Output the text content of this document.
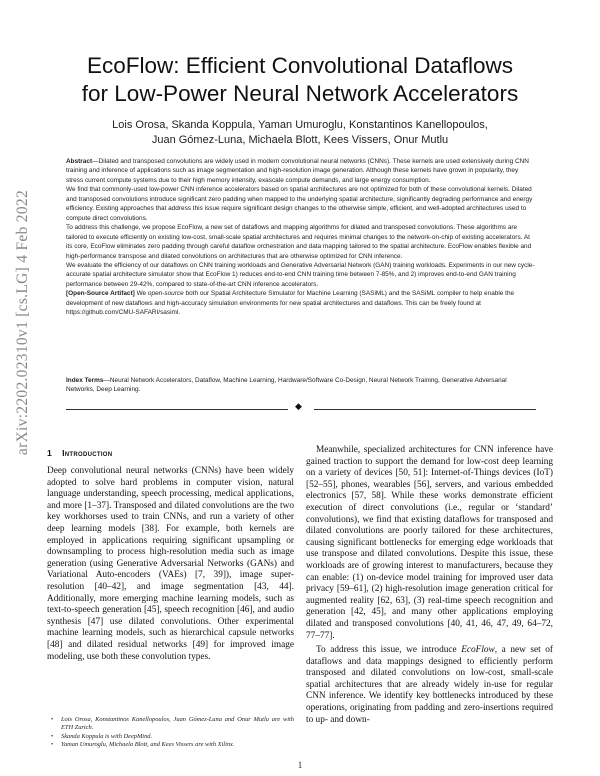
arXiv:2202.02310v1 [cs.LG] 4 Feb 2022
EcoFlow: Efficient Convolutional Dataflows
for Low-Power Neural Network Accelerators
Lois Orosa, Skanda Koppula, Yaman Umuroglu, Konstantinos Kanellopoulos,
Juan Gómez-Luna, Michaela Blott, Kees Vissers, Onur Mutlu

Abstract—Dilated and transposed convolutions are widely used in modern convolutional neural networks (CNNs). These kernels are used extensively during CNN training and inference of applications such as image segmentation and high-resolution image generation. Although these kernels have grown in popularity, they stress current compute systems due to their high memory intensity, exascale compute demands, and large energy consumption.

We find that commonly-used low-power CNN inference accelerators based on spatial architectures are not optimized for both of these convolutional kernels. Dilated and transposed convolutions introduce significant zero padding when mapped to the underlying spatial architecture, significantly degrading performance and energy efficiency. Existing approaches that address this issue require significant design changes to the otherwise simple, efficient, and well-adopted architectures used to compute direct convolutions.

To address this challenge, we propose EcoFlow, a new set of dataflows and mapping algorithms for dilated and transposed convolutions. These algorithms are tailored to execute efficiently on existing low-cost, small-scale spatial architectures and requires minimal changes to the network-on-chip of existing accelerators. At its core, EcoFlow eliminates zero padding through careful dataflow orchestration and data mapping tailored to the spatial architecture. EcoFlow enables flexible and high-performance transpose and dilated convolutions on architectures that are otherwise optimized for CNN inference.

We evaluate the efficiency of our dataflows on CNN training workloads and Generative Adversarial Network (GAN) training workloads. Experiments in our new cycle-accurate spatial architecture simulator show that EcoFlow 1) reduces end-to-end CNN training time between 7-85%, and 2) improves end-to-end GAN training performance between 29-42%, compared to state-of-the-art CNN inference accelerators.

[Open-Source Artifact] We open-source both our Spatial Architecture Simulator for Machine Learning (SASiML) and the SASiML compiler to help enable the development of new dataflows and high-accuracy simulation environments for new spatial architectures and dataflows. This can be freely found at https://github.com/CMU-SAFARI/sasiml.

Index Terms—Neural Network Accelerators, Dataflow, Machine Learning, Hardware/Software Co-Design, Neural Network Training, Generative Adversarial Networks, Deep Learning.
◆
1 Introduction

Deep convolutional neural networks (CNNs) have been widely adopted to solve hard problems in computer vision, natural language understanding, speech processing, medical applications, and more [1–37]. Transposed and dilated convolutions are the two key workhorses used to train CNNs, and run a variety of other deep learning models [38]. For example, both kernels are employed in applications requiring significant upsampling or downsampling to process high-resolution media such as image generation (using Generative Adversarial Networks (GANs) and Variational Auto-encoders (VAEs) [7, 39]), image super-resolution [40–42], and image segmentation [43, 44]. Additionally, more emerging machine learning models, such as text-to-speech generation [45], speech recognition [46], and audio synthesis [47] use dilated convolutions. Other experimental machine learning models, such as hierarchical capsule networks [48] and dilated residual networks [49] for improved image modeling, use both these convolution types.

Meanwhile, specialized architectures for CNN inference have gained traction to support the demand for low-cost deep learning on a variety of devices [50, 51]: Internet-of-Things devices (IoT) [52–55], phones, wearables [56], servers, and various embedded electronics [57, 58]. While these works demonstrate efficient execution of direct convolutions (i.e., regular or ‘standard’ convolutions), we find that existing dataflows for transposed and dilated convolutions are poorly tailored for these architectures, causing significant bottlenecks for emerging edge workloads that use transpose and dilated convolutions. Despite this issue, these workloads are of growing interest to manufacturers, because they can enable: (1) on-device model training for improved user data privacy [59–61], (2) high-resolution image generation critical for augmented reality [62, 63], (3) real-time speech recognition and generation [42, 45], and many other applications employing dilated and transposed convolutions [40, 41, 46, 47, 49, 64–72, 77–77].

To address this issue, we introduce EcoFlow, a new set of dataflows and data mappings designed to efficiently perform transposed and dilated convolutions on low-cost, small-scale spatial architectures that are already widely in-use for regular CNN inference. We identify key bottlenecks introduced by these operations, originating from padding and zero-insertions required to up- and down-

• Lois Orosa, Konstantinos Kanellopoulos, Juan Gómez-Luna and Onur Mutlu are with ETH Zurich.
• Skanda Koppula is with DeepMind.
• Yaman Umuroglu, Michaela Blott, and Kees Vissers are with Xilinx.
1
